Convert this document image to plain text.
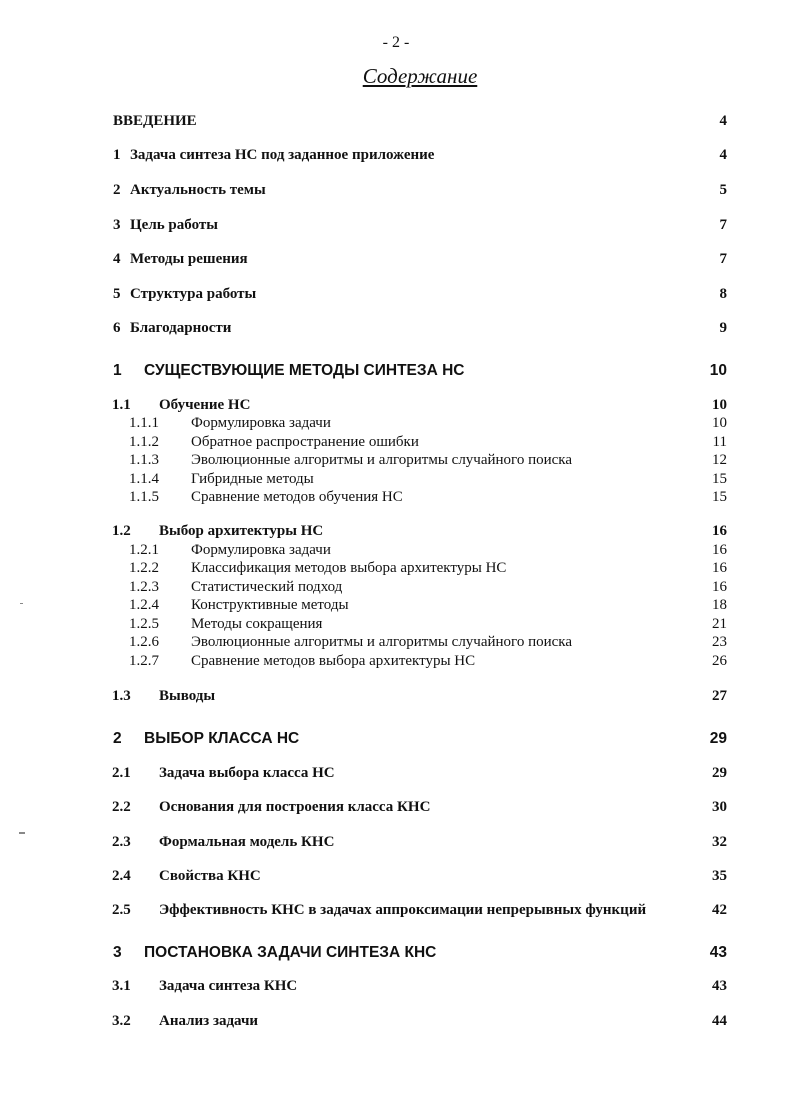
- 2 -
Содержание
ВВЕДЕНИЕ	4
1 Задача синтеза НС под заданное приложение	4
2 Актуальность темы	5
3 Цель работы	7
4 Методы решения	7
5 Структура работы	8
6 Благодарности	9
1 СУЩЕСТВУЮЩИЕ МЕТОДЫ СИНТЕЗА НС	10
1.1 Обучение НС	10
1.1.1 Формулировка задачи	10
1.1.2 Обратное распространение ошибки	11
1.1.3 Эволюционные алгоритмы и алгоритмы случайного поиска	12
1.1.4 Гибридные методы	15
1.1.5 Сравнение методов обучения НС	15
1.2 Выбор архитектуры НС	16
1.2.1 Формулировка задачи	16
1.2.2 Классификация методов выбора архитектуры НС	16
1.2.3 Статистический подход	16
1.2.4 Конструктивные методы	18
1.2.5 Методы сокращения	21
1.2.6 Эволюционные алгоритмы и алгоритмы случайного поиска	23
1.2.7 Сравнение методов выбора архитектуры НС	26
1.3 Выводы	27
2 ВЫБОР КЛАССА НС	29
2.1 Задача выбора класса НС	29
2.2 Основания для построения класса КНС	30
2.3 Формальная модель КНС	32
2.4 Свойства КНС	35
2.5 Эффективность КНС в задачах аппроксимации непрерывных функций	42
3 ПОСТАНОВКА ЗАДАЧИ СИНТЕЗА КНС	43
3.1 Задача синтеза КНС	43
3.2 Анализ задачи	44
